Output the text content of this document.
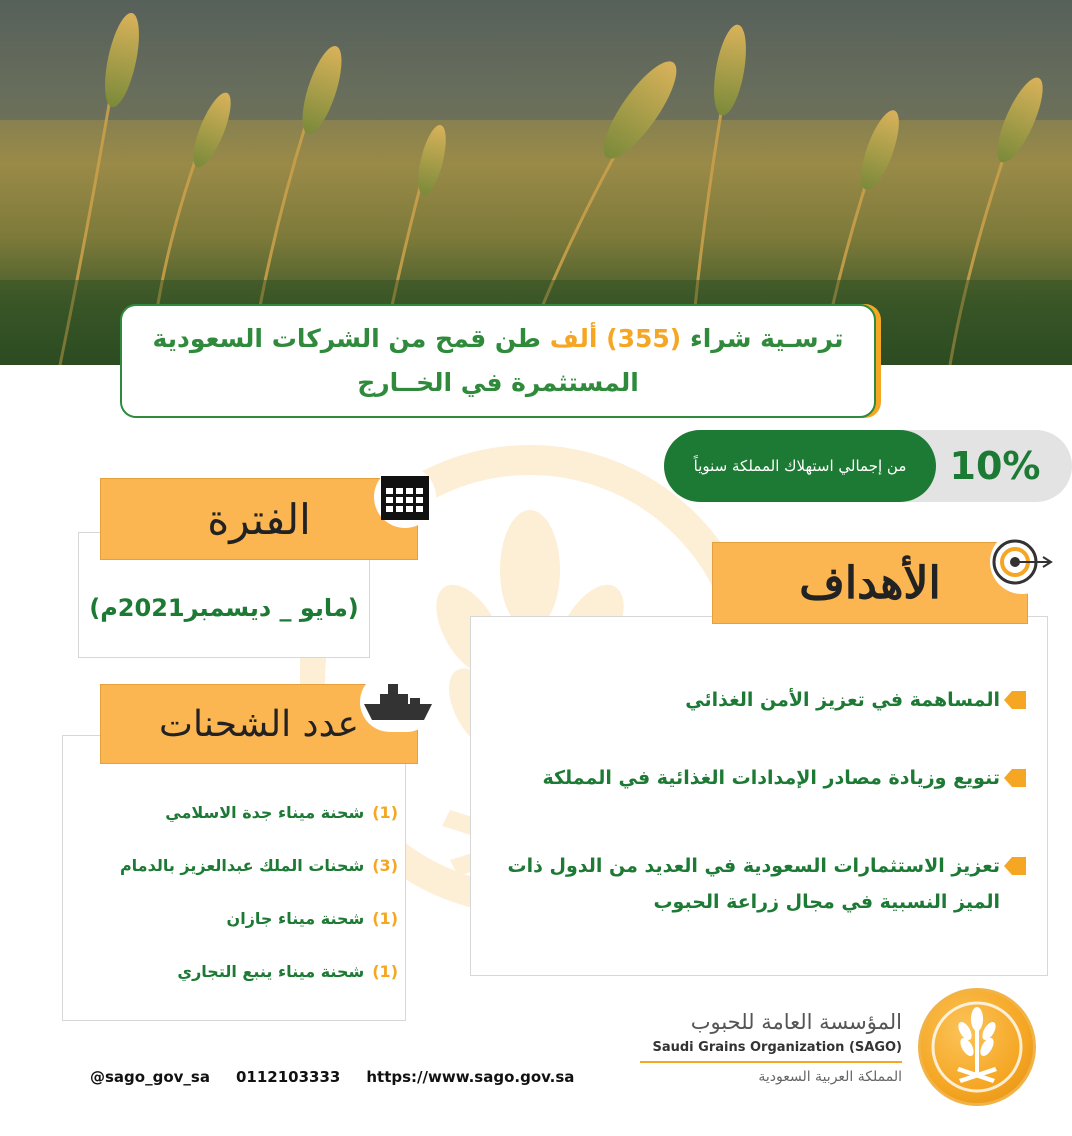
ترسـية شراء (355) ألف طن قمح من الشركات السعودية
المستثمرة في الخــارج
من إجمالي استهلاك المملكة سنوياً	10%
الفترة
(مايو _ ديسمبر2021م)
عدد الشحنات
(1)
شحنة ميناء جدة الاسلامي
(3)
شحنات الملك عبدالعزيز بالدمام
(1)
شحنة ميناء جازان
(1)
شحنة ميناء ينبع التجاري
الأهداف
المساهمة في تعزيز الأمن الغذائي
تنويع وزيادة مصادر الإمدادات الغذائية في المملكة
تعزيز الاستثمارات السعودية في العديد من الدول ذات الميز النسبية في مجال زراعة الحبوب
المؤسسة العامة للحبوب
Saudi Grains Organization (SAGO)
المملكة العربية السعودية
@sago_gov_sa 0112103333 https://www.sago.gov.sa
